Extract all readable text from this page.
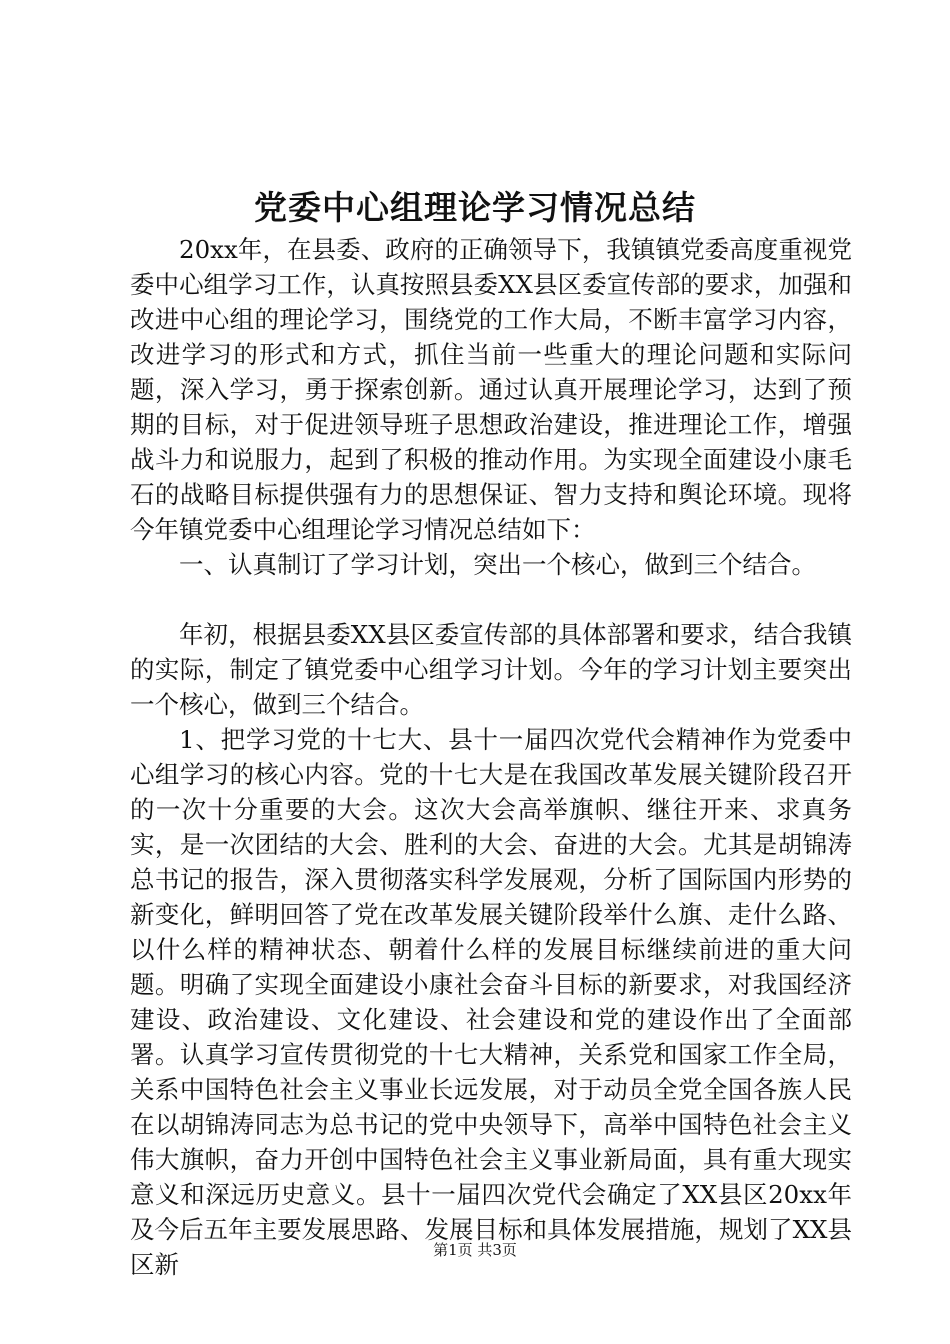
党委中心组理论学习情况总结

20xx年，在县委、政府的正确领导下，我镇镇党委高度重视党委中心组学习工作，认真按照县委XX县区委宣传部的要求，加强和改进中心组的理论学习，围绕党的工作大局，不断丰富学习内容，改进学习的形式和方式，抓住当前一些重大的理论问题和实际问题，深入学习，勇于探索创新。通过认真开展理论学习，达到了预期的目标，对于促进领导班子思想政治建设，推进理论工作，增强战斗力和说服力，起到了积极的推动作用。为实现全面建设小康毛石的战略目标提供强有力的思想保证、智力支持和舆论环境。现将今年镇党委中心组理论学习情况总结如下：

一、认真制订了学习计划，突出一个核心，做到三个结合。

年初，根据县委XX县区委宣传部的具体部署和要求，结合我镇的实际，制定了镇党委中心组学习计划。今年的学习计划主要突出一个核心，做到三个结合。

1、把学习党的十七大、县十一届四次党代会精神作为党委中心组学习的核心内容。党的十七大是在我国改革发展关键阶段召开的一次十分重要的大会。这次大会高举旗帜、继往开来、求真务实，是一次团结的大会、胜利的大会、奋进的大会。尤其是胡锦涛总书记的报告，深入贯彻落实科学发展观，分析了国际国内形势的新变化，鲜明回答了党在改革发展关键阶段举什么旗、走什么路、以什么样的精神状态、朝着什么样的发展目标继续前进的重大问题。明确了实现全面建设小康社会奋斗目标的新要求，对我国经济建设、政治建设、文化建设、社会建设和党的建设作出了全面部署。认真学习宣传贯彻党的十七大精神，关系党和国家工作全局，关系中国特色社会主义事业长远发展，对于动员全党全国各族人民在以胡锦涛同志为总书记的党中央领导下，高举中国特色社会主义伟大旗帜，奋力开创中国特色社会主义事业新局面，具有重大现实意义和深远历史意义。县十一届四次党代会确定了XX县区20xx年及今后五年主要发展思路、发展目标和具体发展措施，规划了XX县区新	第1页 共3页
